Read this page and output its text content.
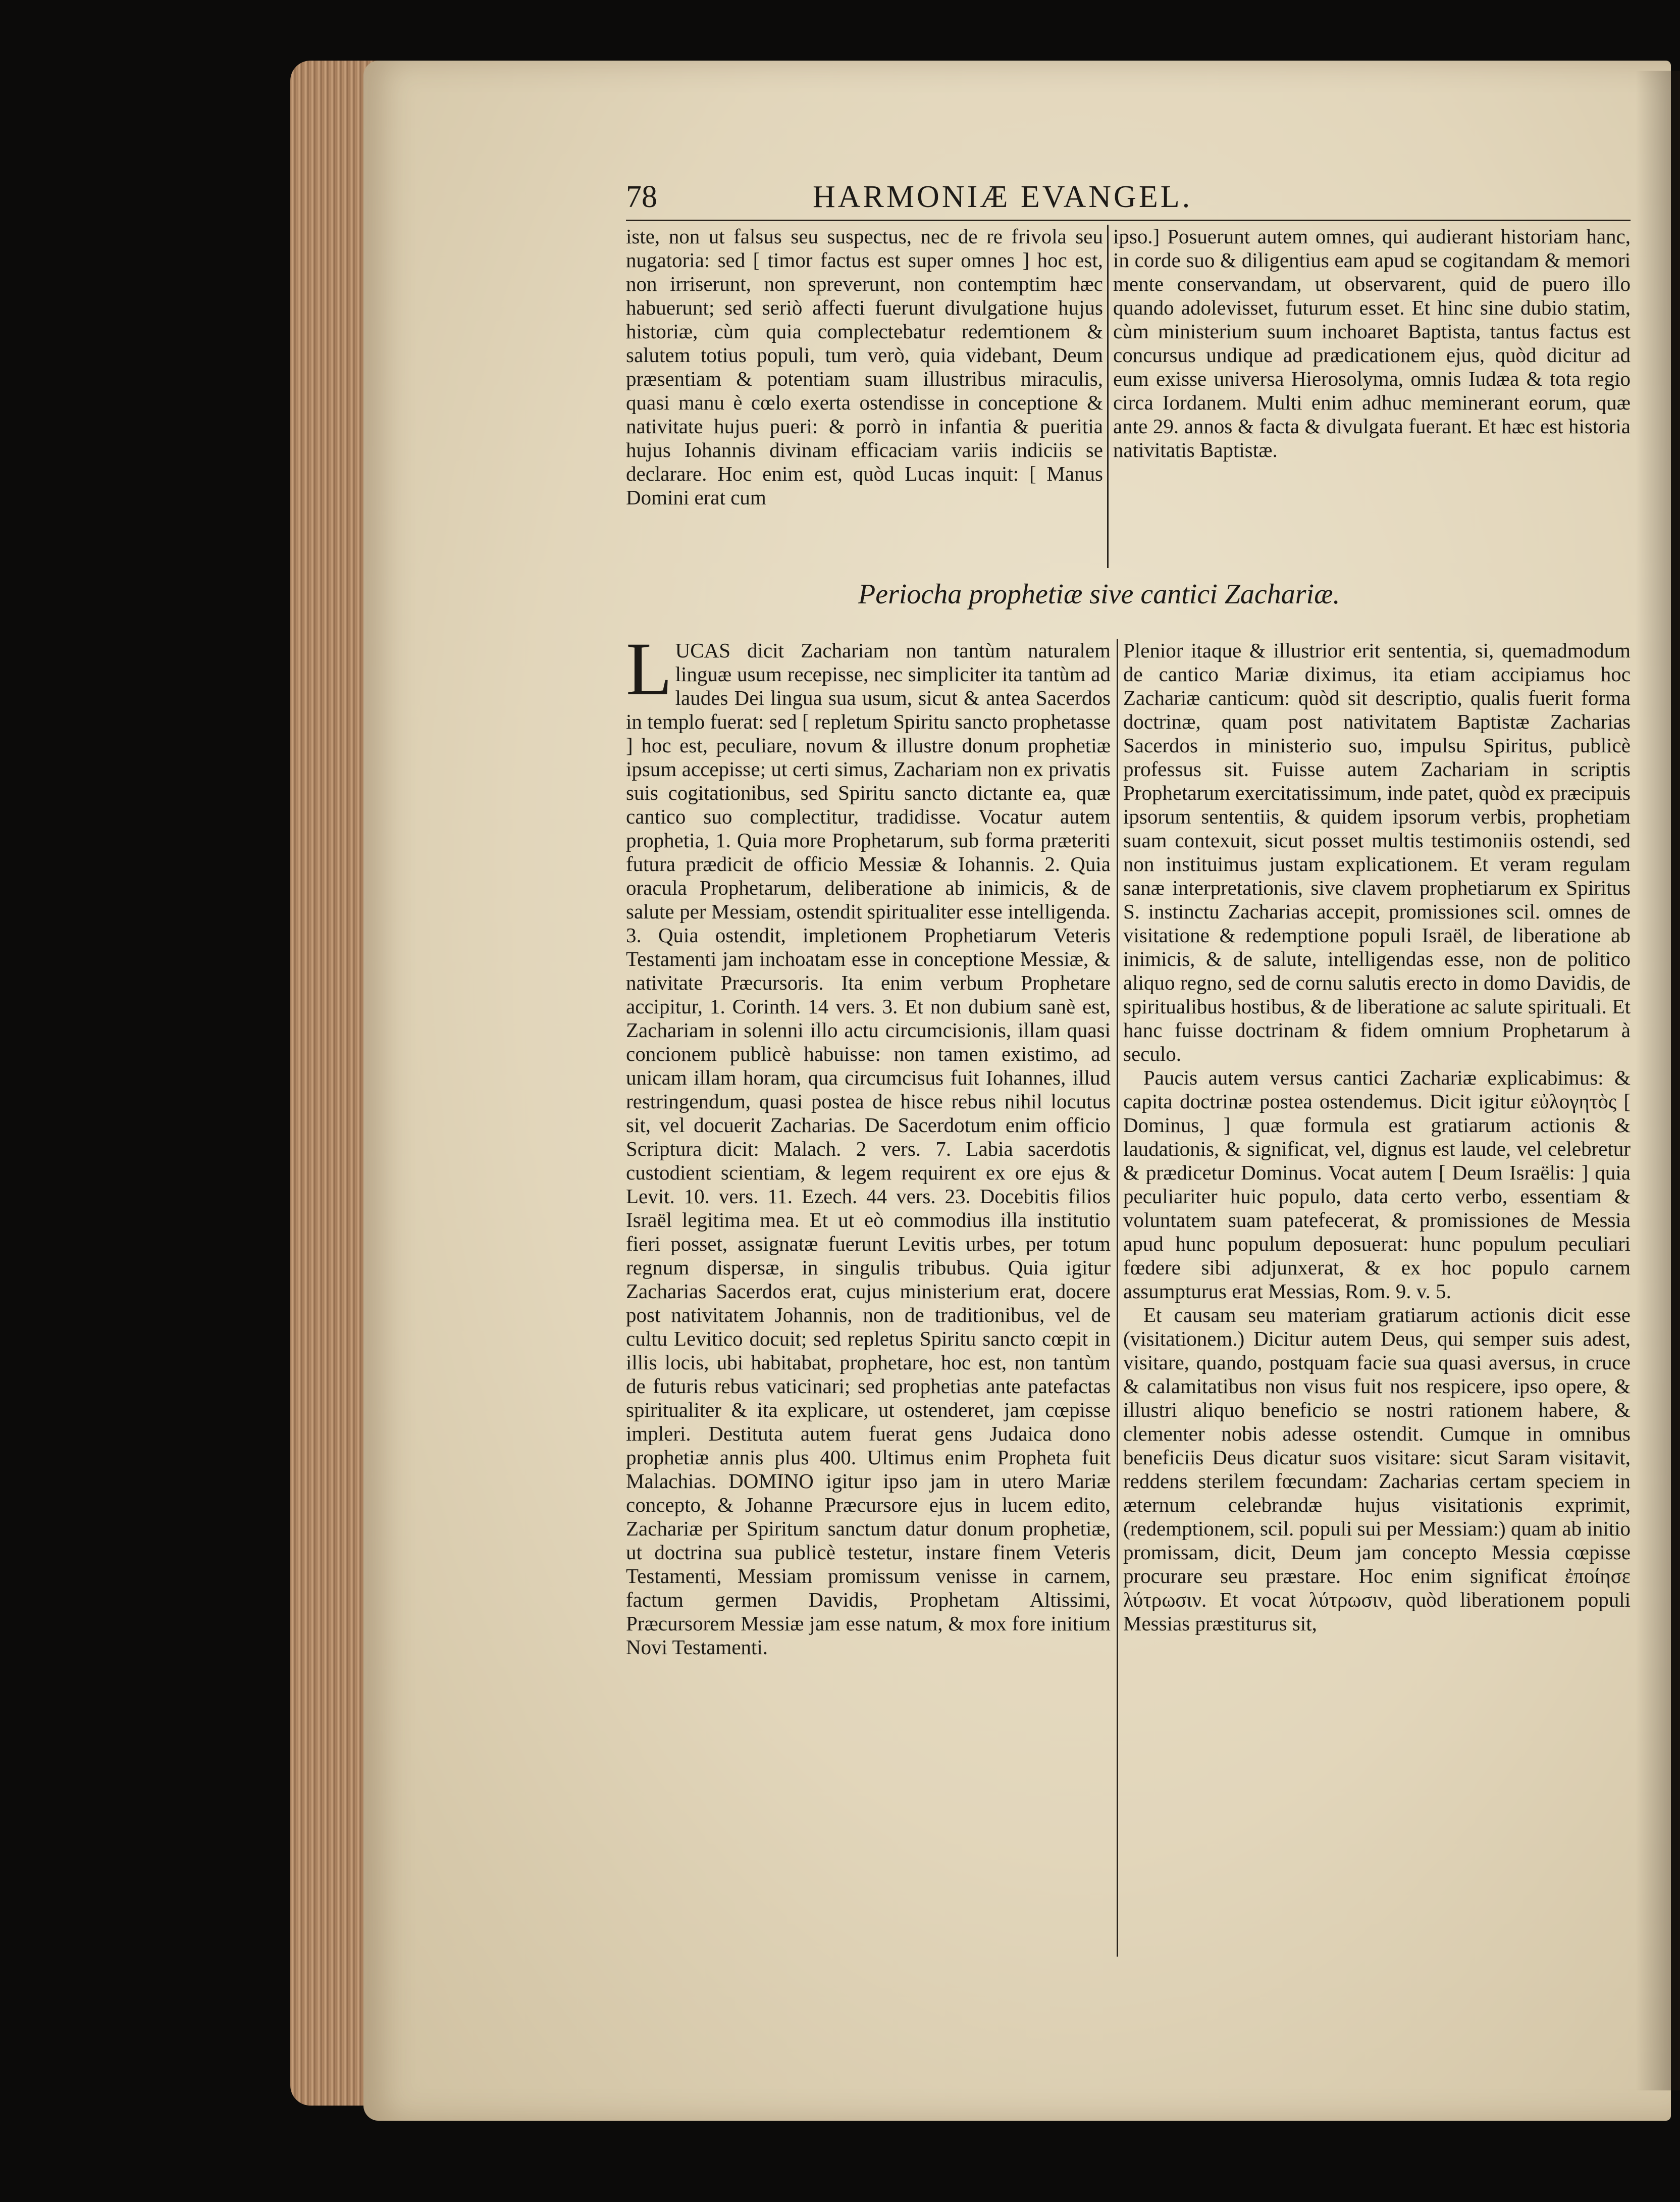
78	HARMONIÆ EVANGEL.

iste, non ut falsus seu suspectus, nec de re frivola seu nugatoria: sed [ timor factus est super omnes ] hoc est, non irriserunt, non spreverunt, non contemptim hæc habuerunt; sed seriò affecti fuerunt divulgatione hujus historiæ, cùm quia complectebatur redemtionem & salutem totius populi, tum verò, quia videbant, Deum præsentiam & potentiam suam illustribus miraculis, quasi manu è cœlo exerta ostendisse in conceptione & nativitate hujus pueri: & porrò in infantia & pueritia hujus Iohannis divinam efficaciam variis indiciis se declarare. Hoc enim est, quòd Lucas inquit: [ Manus Domini erat cum

ipso.] Posuerunt autem omnes, qui audierant historiam hanc, in corde suo & diligentius eam apud se cogitandam & memori mente conservandam, ut observarent, quid de puero illo quando adolevisset, futurum esset. Et hinc sine dubio statim, cùm ministerium suum inchoaret Baptista, tantus factus est concursus undique ad prædicationem ejus, quòd dicitur ad eum exisse universa Hierosolyma, omnis Iudæa & tota regio circa Iordanem. Multi enim adhuc meminerant eorum, quæ ante 29. annos & facta & divulgata fuerant. Et hæc est historia nativitatis Baptistæ.

Periocha prophetiæ sive cantici Zachariæ.
L UCAS dicit Zachariam non tantùm naturalem linguæ usum recepisse, nec simpliciter ita tantùm ad laudes Dei lingua sua usum, sicut & antea Sacerdos in templo fuerat: sed [ repletum Spiritu sancto prophetasse ] hoc est, peculiare, novum & illustre donum prophetiæ ipsum accepisse; ut certi simus, Zachariam non ex privatis suis cogitationibus, sed Spiritu sancto dictante ea, quæ cantico suo complectitur, tradidisse. Vocatur autem prophetia, 1. Quia more Prophetarum, sub forma præteriti futura prædicit de officio Messiæ & Iohannis. 2. Quia oracula Prophetarum, deliberatione ab inimicis, & de salute per Messiam, ostendit spiritualiter esse intelligenda. 3. Quia ostendit, impletionem Prophetiarum Veteris Testamenti jam inchoatam esse in conceptione Messiæ, & nativitate Præcursoris. Ita enim verbum Prophetare accipitur, 1. Corinth. 14 vers. 3. Et non dubium sanè est, Zachariam in solenni illo actu circumcisionis, illam quasi concionem publicè habuisse: non tamen existimo, ad unicam illam horam, qua circumcisus fuit Iohannes, illud restringendum, quasi postea de hisce rebus nihil locutus sit, vel docuerit Zacharias. De Sacerdotum enim officio Scriptura dicit: Malach. 2 vers. 7. Labia sacerdotis custodient scientiam, & legem requirent ex ore ejus & Levit. 10. vers. 11. Ezech. 44 vers. 23. Docebitis filios Israël legitima mea. Et ut eò commodius illa institutio fieri posset, assignatæ fuerunt Levitis urbes, per totum regnum dispersæ, in singulis tribubus. Quia igitur Zacharias Sacerdos erat, cujus ministerium erat, docere post nativitatem Johannis, non de traditionibus, vel de cultu Levitico docuit; sed repletus Spiritu sancto cœpit in illis locis, ubi habitabat, prophetare, hoc est, non tantùm de futuris rebus vaticinari; sed prophetias ante patefactas spiritualiter & ita explicare, ut ostenderet, jam cœpisse impleri. Destituta autem fuerat gens Judaica dono prophetiæ annis plus 400. Ultimus enim Propheta fuit Malachias. DOMINO igitur ipso jam in utero Mariæ concepto, & Johanne Præcursore ejus in lucem edito, Zachariæ per Spiritum sanctum datur donum prophetiæ, ut doctrina sua publicè testetur, instare finem Veteris Testamenti, Messiam promissum venisse in carnem, factum germen Davidis, Prophetam Altissimi, Præcursorem Messiæ jam esse natum, & mox fore initium Novi Testamenti.

Plenior itaque & illustrior erit sententia, si, quemadmodum de cantico Mariæ diximus, ita etiam accipiamus hoc Zachariæ canticum: quòd sit descriptio, qualis fuerit forma doctrinæ, quam post nativitatem Baptistæ Zacharias Sacerdos in ministerio suo, impulsu Spiritus, publicè professus sit. Fuisse autem Zachariam in scriptis Prophetarum exercitatissimum, inde patet, quòd ex præcipuis ipsorum sententiis, & quidem ipsorum verbis, prophetiam suam contexuit, sicut posset multis testimoniis ostendi, sed non instituimus justam explicationem. Et veram regulam sanæ interpretationis, sive clavem prophetiarum ex Spiritus S. instinctu Zacharias accepit, promissiones scil. omnes de visitatione & redemptione populi Israël, de liberatione ab inimicis, & de salute, intelligendas esse, non de politico aliquo regno, sed de cornu salutis erecto in domo Davidis, de spiritualibus hostibus, & de liberatione ac salute spirituali. Et hanc fuisse doctrinam & fidem omnium Prophetarum à seculo.

Paucis autem versus cantici Zachariæ explicabimus: & capita doctrinæ postea ostendemus. Dicit igitur εὐλογητὸς [ Dominus, ] quæ formula est gratiarum actionis & laudationis, & significat, vel, dignus est laude, vel celebretur & prædicetur Dominus. Vocat autem [ Deum Israëlis: ] quia peculiariter huic populo, data certo verbo, essentiam & voluntatem suam patefecerat, & promissiones de Messia apud hunc populum deposuerat: hunc populum peculiari fœdere sibi adjunxerat, & ex hoc populo carnem assumpturus erat Messias, Rom. 9. v. 5.

Et causam seu materiam gratiarum actionis dicit esse (visitationem.) Dicitur autem Deus, qui semper suis adest, visitare, quando, postquam facie sua quasi aversus, in cruce & calamitatibus non visus fuit nos respicere, ipso opere, & illustri aliquo beneficio se nostri rationem habere, & clementer nobis adesse ostendit. Cumque in omnibus beneficiis Deus dicatur suos visitare: sicut Saram visitavit, reddens sterilem fœcundam: Zacharias certam speciem in æternum celebrandæ hujus visitationis exprimit, (redemptionem, scil. populi sui per Messiam:) quam ab initio promissam, dicit, Deum jam concepto Messia cœpisse procurare seu præstare. Hoc enim significat ἐποίησε λύτρωσιν. Et vocat λύτρωσιν, quòd liberationem populi Messias præstiturus sit,
